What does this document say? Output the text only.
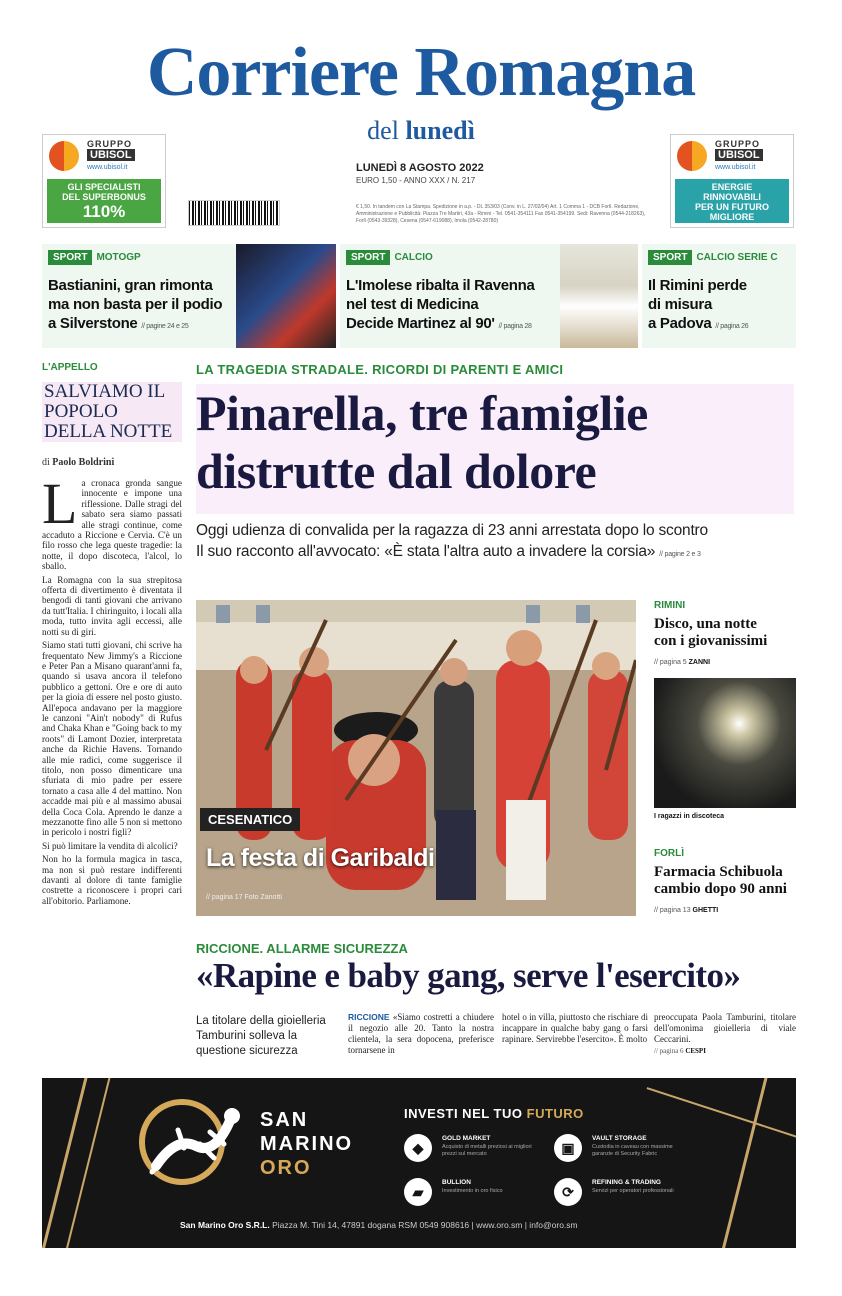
Corriere Romagna
del lunedì
LUNEDÌ 8 AGOSTO 2022
EURO 1,50 - ANNO XXX / N. 217
€ 1,50. In tandem con La Stampa. Spedizione in a.p. - DL 353/03 (Conv. in L. 27/02/04) Art. 1 Comma 1 - DCB Forlì. Redazione, Amministrazione e Pubblicità: Piazza Tre Martiri, 43a - Rimini - Tel. 0541-354111 Fax 0541-354199. Sedi: Ravenna (0544-218263), Forlì (0543-39328), Cesena (0547-619088), Imola (0542-28780)
GRUPPO
UBISOL
www.ubisol.it
GLI SPECIALISTI
DEL SUPERBONUS
110%
GRUPPO
UBISOL
www.ubisol.it
ENERGIE
RINNOVABILI
PER UN FUTURO
MIGLIORE
SPORT MOTOGP
Bastianini, gran rimonta
ma non basta per il podio
a Silverstone // pagine 24 e 25
SPORT CALCIO
L'Imolese ribalta il Ravenna
nel test di Medicina
Decide Martinez al 90' // pagina 28
SPORT CALCIO SERIE C
Il Rimini perde
di misura
a Padova // pagina 26
L'APPELLO
SALVIAMO IL POPOLO DELLA NOTTE
di Paolo Boldrini

La cronaca gronda sangue innocente e impone una riflessione. Dalle stragi del sabato sera siamo passati alle stragi continue, come accaduto a Riccione e Cervia. C'è un filo rosso che lega queste tragedie: la notte, il dopo discoteca, l'alcol, lo sballo.

La Romagna con la sua strepitosa offerta di divertimento è diventata il bengodi di tanti giovani che arrivano da tutt'Italia. I chiringuito, i locali alla moda, tutto invita agli eccessi, alle notti su di giri.

Siamo stati tutti giovani, chi scrive ha frequentato New Jimmy's a Riccione e Peter Pan a Misano quarant'anni fa, quando si usava ancora il telefono pubblico a gettoni. Ore e ore di auto per la gioia di essere nel posto giusto. All'epoca andavano per la maggiore le canzoni "Ain't nobody" di Rufus and Chaka Khan e "Going back to my roots" di Lamont Dozier, interpretata anche da Richie Havens. Tornando alle mie radici, come suggerisce il titolo, non posso dimenticare una sfuriata di mio padre per essere tornato a casa alle 4 del mattino. Non accadde mai più e al massimo abusai della Coca Cola. Aprendo le danze a mezzanotte fino alle 5 non si mettono in pericolo i nostri figli?

Si può limitare la vendita di alcolici?

Non ho la formula magica in tasca, ma non si può restare indifferenti davanti al dolore di tante famiglie costrette a riconoscere i propri cari all'obitorio. Parliamone.

LA TRAGEDIA STRADALE. RICORDI DI PARENTI E AMICI
Pinarella, tre famiglie
distrutte dal dolore
Oggi udienza di convalida per la ragazza di 23 anni arrestata dopo lo scontro
Il suo racconto all'avvocato: «È stata l'altra auto a invadere la corsia» // pagine 2 e 3
CESENATICO
La festa di Garibaldi
// pagina 17 Foto Zanotti
RIMINI
Disco, una notte
con i giovanissimi
// pagina 5 ZANNI
I ragazzi in discoteca
FORLÌ
Farmacia Schibuola
cambio dopo 90 anni
// pagina 13 GHETTI
RICCIONE. ALLARME SICUREZZA
«Rapine e baby gang, serve l'esercito»
La titolare della gioielleria Tamburini solleva la questione sicurezza
RICCIONE «Siamo costretti a chiudere il negozio alle 20. Tanto la nostra clientela, la sera dopocena, preferisce tornarsene in
hotel o in villa, piuttosto che rischiare di incappare in qualche baby gang o farsi rapinare. Servirebbe l'esercito». È molto
preoccupata Paola Tamburini, titolare dell'omonima gioielleria di viale Ceccarini.
// pagina 6 CESPI
SAN
MARINO
ORO
INVESTI NEL TUO FUTURO
◆
GOLD MARKET
Acquisto di metalli preziosi ai migliori prezzi sul mercato	▣
VAULT STORAGE
Custodia in caveau con massime garanzie di Security Fabric
▰
BULLION
Investimento in oro fisico	⟳
REFINING & TRADING
Servizi per operatori professionali
San Marino Oro S.R.L. Piazza M. Tini 14, 47891 dogana RSM 0549 908616 | www.oro.sm | info@oro.sm
